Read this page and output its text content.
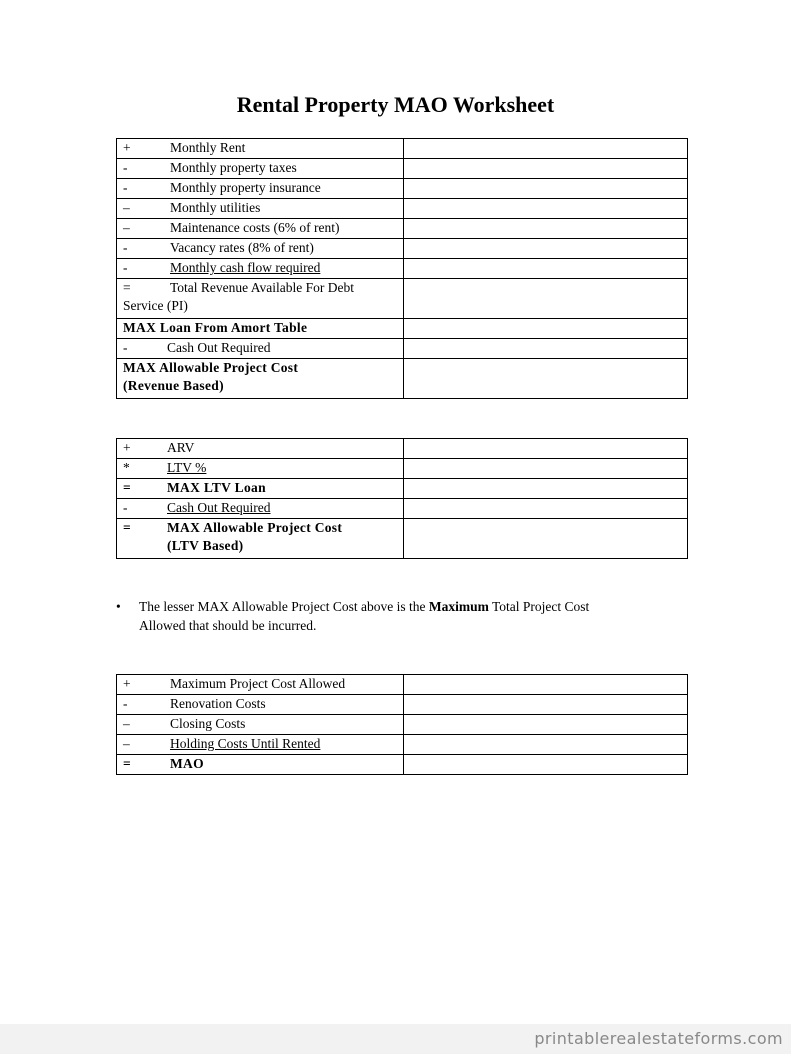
Rental Property MAO Worksheet
+ Monthly Rent	
- Monthly property taxes	
- Monthly property insurance	
– Monthly utilities	
– Maintenance costs (6% of rent)	
- Vacancy rates (8% of rent)	
- Monthly cash flow required	
= Total Revenue Available For Debt
Service (PI)	
MAX Loan From Amort Table	
- Cash Out Required	
MAX Allowable Project Cost
(Revenue Based)	
+ ARV	
* LTV %	
= MAX LTV Loan	
- Cash Out Required	
= MAX Allowable Project Cost
(LTV Based)	
• The lesser MAX Allowable Project Cost above is the Maximum Total Project Cost
Allowed that should be incurred.
+ Maximum Project Cost Allowed	
- Renovation Costs	
– Closing Costs	
– Holding Costs Until Rented	
= MAO	
printablerealestateforms.com
